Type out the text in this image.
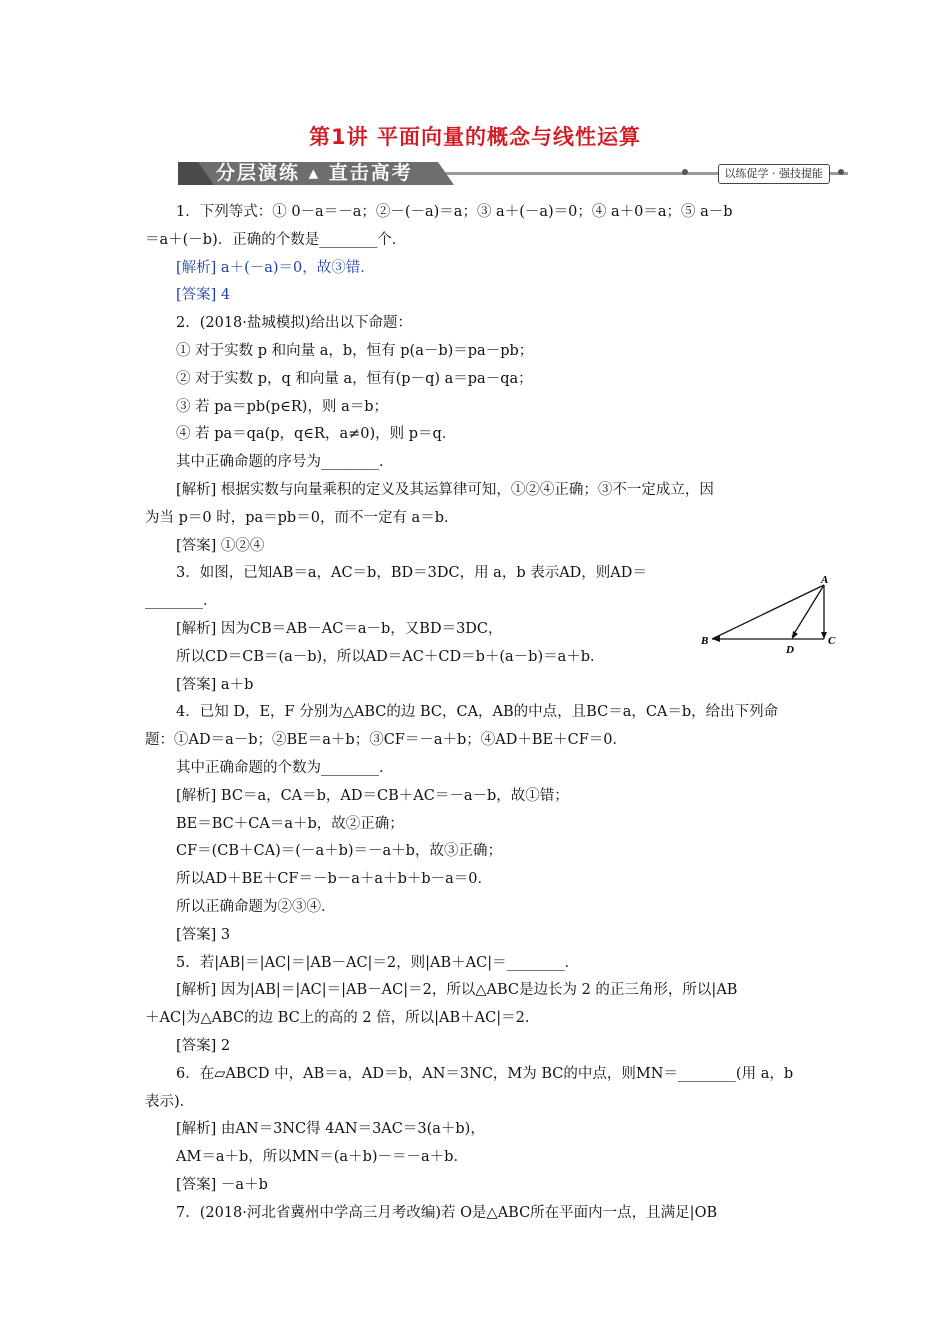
第1讲 平面向量的概念与线性运算
分层演练 ▴ 直击高考	以练促学 · 强技提能
1．下列等式：① 0－a＝－a；②－(－a)＝a；③ a＋(－a)＝0；④ a＋0＝a；⑤ a－b
＝a＋(－b)．正确的个数是________个．
[解析] a＋(－a)＝0，故③错．
[答案] 4
2．(2018·盐城模拟)给出以下命题：
① 对于实数 p 和向量 a，b，恒有 p(a－b)＝pa－pb；
② 对于实数 p，q 和向量 a，恒有(p－q) a＝pa－qa；
③ 若 pa＝pb(p∈R)，则 a＝b；
④ 若 pa＝qa(p，q∈R，a≠0)，则 p＝q．
其中正确命题的序号为________．
[解析] 根据实数与向量乘积的定义及其运算律可知，①②④正确；③不一定成立，因
为当 p＝0 时，pa＝pb＝0，而不一定有 a＝b．
[答案] ①②④
3．如图，已知AB＝a，AC＝b，BD＝3DC，用 a，b 表示AD，则AD＝
________．
[解析] 因为CB＝AB－AC＝a－b，又BD＝3DC，
所以CD＝CB＝(a－b)，所以AD＝AC＋CD＝b＋(a－b)＝a＋b．
[答案] a＋b
4．已知 D，E，F 分别为△ABC的边 BC，CA，AB的中点，且BC＝a，CA＝b，给出下列命
题：①AD＝a－b；②BE＝a＋b；③CF＝－a＋b；④AD＋BE＋CF＝0．
其中正确命题的个数为________．
[解析] BC＝a，CA＝b，AD＝CB＋AC＝－a－b，故①错；
BE＝BC＋CA＝a＋b，故②正确；
CF＝(CB＋CA)＝(－a＋b)＝－a＋b，故③正确；
所以AD＋BE＋CF＝－b－a＋a＋b＋b－a＝0．
所以正确命题为②③④．
[答案] 3
5．若|AB|＝|AC|＝|AB－AC|＝2，则|AB＋AC|＝________．
[解析] 因为|AB|＝|AC|＝|AB－AC|＝2，所以△ABC是边长为 2 的正三角形，所以|AB
＋AC|为△ABC的边 BC上的高的 2 倍，所以|AB＋AC|＝2.
[答案] 2
6．在▱ABCD 中，AB＝a，AD＝b，AN＝3NC，M为 BC的中点，则MN＝________(用 a，b
表示)．
[解析] 由AN＝3NC得 4AN＝3AC＝3(a＋b)，
AM＝a＋b，所以MN＝(a＋b)－＝－a＋b．
[答案] －a＋b
7．(2018·河北省冀州中学高三月考改编)若 O是△ABC所在平面内一点，且满足|OB
A
B	C
D
